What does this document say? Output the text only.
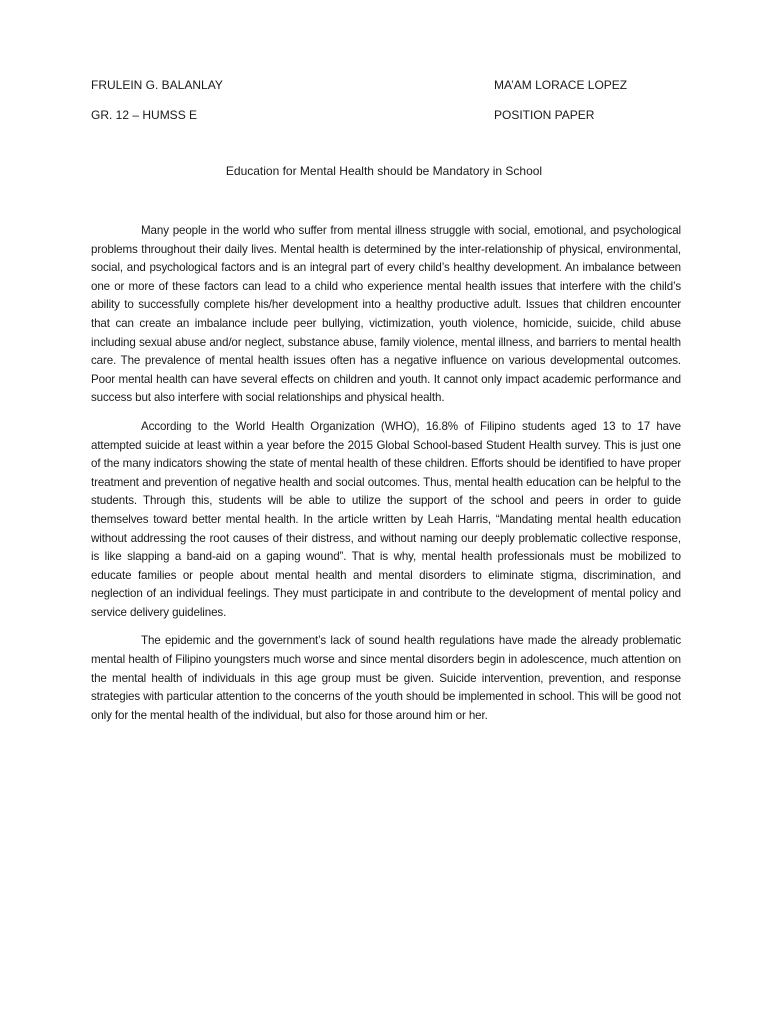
FRULEIN G. BALANLAY
GR. 12 – HUMSS E
MA’AM LORACE LOPEZ
POSITION PAPER
Education for Mental Health should be Mandatory in School

Many people in the world who suffer from mental illness struggle with social, emotional, and psychological problems throughout their daily lives. Mental health is determined by the inter-relationship of physical, environmental, social, and psychological factors and is an integral part of every child’s healthy development. An imbalance between one or more of these factors can lead to a child who experience mental health issues that interfere with the child’s ability to successfully complete his/her development into a healthy productive adult. Issues that children encounter that can create an imbalance include peer bullying, victimization, youth violence, homicide, suicide, child abuse including sexual abuse and/or neglect, substance abuse, family violence, mental illness, and barriers to mental health care. The prevalence of mental health issues often has a negative influence on various developmental outcomes. Poor mental health can have several effects on children and youth. It cannot only impact academic performance and success but also interfere with social relationships and physical health.

According to the World Health Organization (WHO), 16.8% of Filipino students aged 13 to 17 have attempted suicide at least within a year before the 2015 Global School-based Student Health survey. This is just one of the many indicators showing the state of mental health of these children. Efforts should be identified to have proper treatment and prevention of negative health and social outcomes. Thus, mental health education can be helpful to the students. Through this, students will be able to utilize the support of the school and peers in order to guide themselves toward better mental health. In the article written by Leah Harris, “Mandating mental health education without addressing the root causes of their distress, and without naming our deeply problematic collective response, is like slapping a band-aid on a gaping wound”. That is why, mental health professionals must be mobilized to educate families or people about mental health and mental disorders to eliminate stigma, discrimination, and neglection of an individual feelings. They must participate in and contribute to the development of mental policy and service delivery guidelines.

The epidemic and the government’s lack of sound health regulations have made the already problematic mental health of Filipino youngsters much worse and since mental disorders begin in adolescence, much attention on the mental health of individuals in this age group must be given. Suicide intervention, prevention, and response strategies with particular attention to the concerns of the youth should be implemented in school. This will be good not only for the mental health of the individual, but also for those around him or her.
